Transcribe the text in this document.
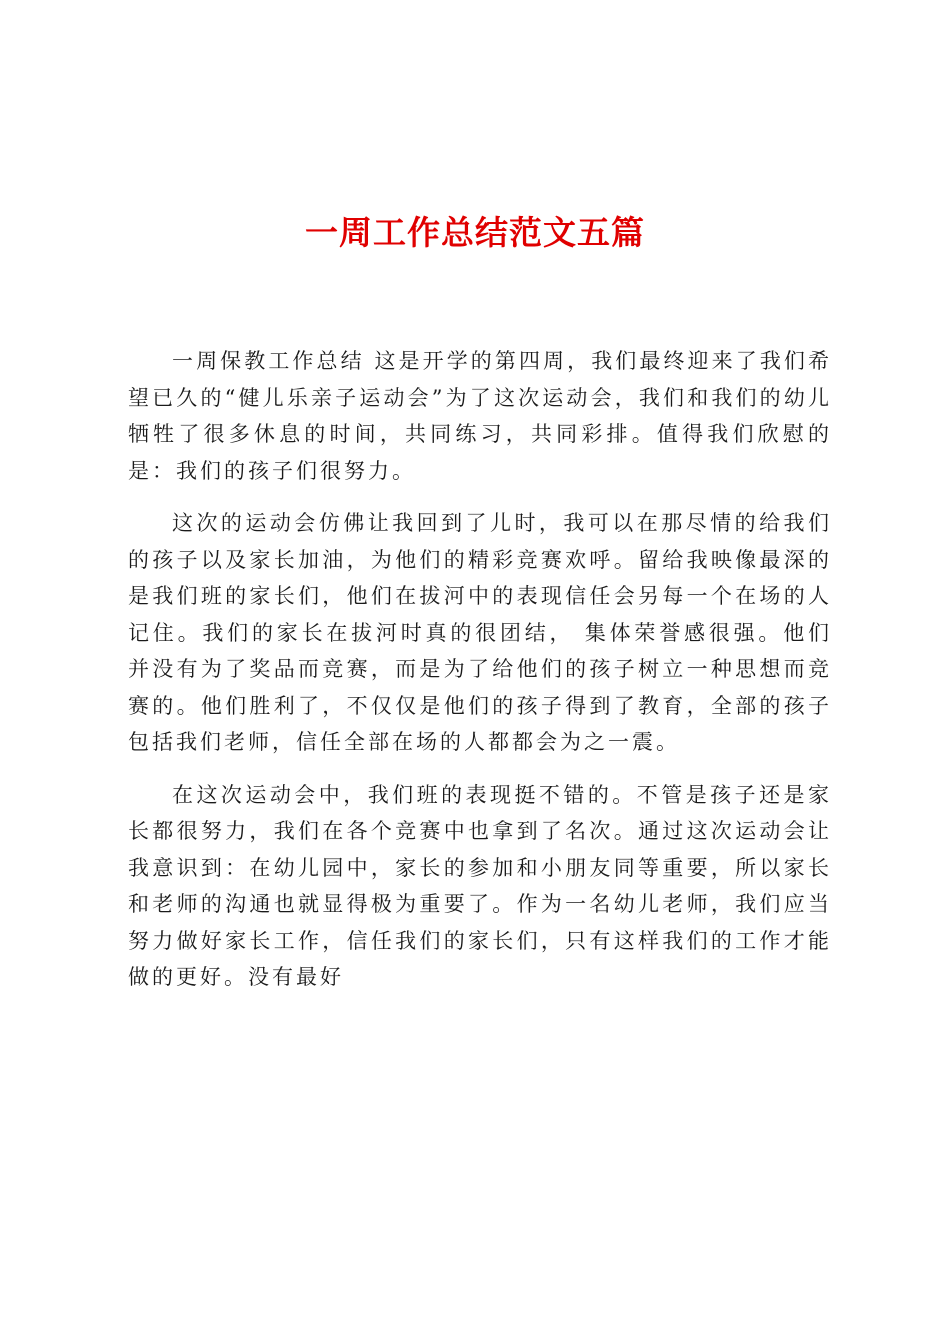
一周工作总结范文五篇

一周保教工作总结 这是开学的第四周，我们最终迎来了我们希望已久的“健儿乐亲子运动会”为了这次运动会，我们和我们的幼儿牺牲了很多休息的时间，共同练习，共同彩排。值得我们欣慰的是：我们的孩子们很努力。

这次的运动会仿佛让我回到了儿时，我可以在那尽情的给我们的孩子以及家长加油，为他们的精彩竞赛欢呼。留给我映像最深的是我们班的家长们，他们在拔河中的表现信任会另每一个在场的人记住。我们的家长在拔河时真的很团结， 集体荣誉感很强。他们并没有为了奖品而竞赛，而是为了给他们的孩子树立一种思想而竞赛的。他们胜利了，不仅仅是他们的孩子得到了教育，全部的孩子包括我们老师，信任全部在场的人都都会为之一震。

在这次运动会中，我们班的表现挺不错的。不管是孩子还是家长都很努力，我们在各个竞赛中也拿到了名次。通过这次运动会让我意识到：在幼儿园中，家长的参加和小朋友同等重要，所以家长和老师的沟通也就显得极为重要了。作为一名幼儿老师，我们应当努力做好家长工作，信任我们的家长们，只有这样我们的工作才能做的更好。没有最好
